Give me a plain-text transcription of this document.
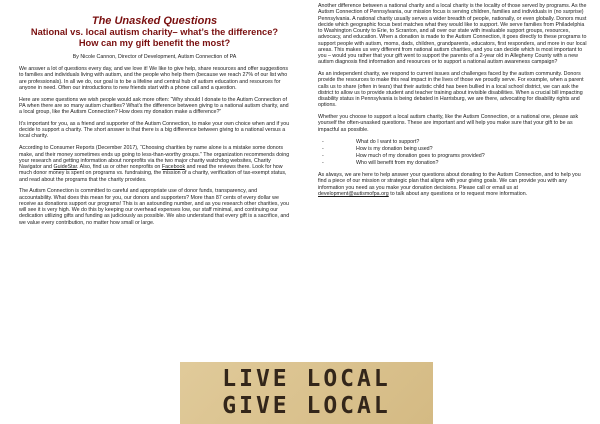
The Unasked Questions
National vs. local autism charity– what’s the difference?
How can my gift benefit the most?
By Nicole Cannon, Director of Development, Autism Connection of PA

We answer a lot of questions every day, and we love it! We like to give help, share resources and offer suggestions to families and individuals living with autism, and the people who help them (because we reach 27% of our list who are professionals). In all we do, our goal is to be a lifeline and central hub of autism education and resources for anyone in need. Often our introductions to new friends start with a phone call and a question.

Here are some questions we wish people would ask more often: “Why should I donate to the Autism Connection of PA when there are so many autism charities? What’s the difference between giving to a national autism charity, and a local group, like the Autism Connection? How does my donation make a difference?”

It’s important for you, as a friend and supporter of the Autism Connection, to make your own choice when and if you decide to support a charity. The short answer is that there is a big difference between giving to a national versus a local charity.

According to Consumer Reports (December 2017), “Choosing charities by name alone is a mistake some donors make, and their money sometimes ends up going to less-than-worthy groups.” The organization recommends doing your research and getting information about nonprofits via the two major charity watchdog websites, Charity Navigator and GuideStar. Also, find us or other nonprofits on Facebook and read the reviews there. Look for how much donor money is spent on programs vs. fundraising, the mission of a charity, verification of tax-exempt status, and read about the programs that the charity provides.

The Autism Connection is committed to careful and appropriate use of donor funds, transparency, and accountability. What does this mean for you, our donors and supporters? More than 87 cents of every dollar we receive as donations support our programs! This is an astounding number, and as you research other charities, you will see it is very high. We do this by keeping our overhead expenses low, our staff minimal, and continuing our dedication utilizing gifts and funding as judiciously as possible. We also understand that every gift is a sacrifice, and we value every contribution, no matter how small or large.

Another difference between a national charity and a local charity is the locality of those served by programs. As the Autism Connection of Pennsylvania, our mission focus is serving children, families and individuals in (no surprise) Pennsylvania. A national charity usually serves a wider breadth of people, nationally, or even globally. Donors must decide which geographic focus best matches what they would like to support. We serve families from Philadelphia to Washington County to Erie, to Scranton, and all over our state with invaluable support groups, resources, advocacy, and education. When a donation is made to the Autism Connection, it goes directly to these programs to support people with autism, moms, dads, children, grandparents, educators, first responders, and more in our local areas. This makes us very different from national autism charities, and you can decide which is most important to you – would you rather that your gift went to support the parents of a 2-year old in Allegheny County with a new autism diagnosis find information and resources or to support a national autism awareness campaign?

As an independent charity, we respond to current issues and challenges faced by the autism community. Donors provide the resources to make this real impact in the lives of those we proudly serve. For example, when a parent calls us to share (often in tears) that their autistic child has been bullied in a local school district, we can ask the district to allow us to provide student and teacher training about invisible disabilities. When a crucial bill impacting disability status in Pennsylvania is being debated in Harrisburg, we are there, advocating for disability rights and options.

Whether you choose to support a local autism charity, like the Autism Connection, or a national one, please ask yourself the often-unasked questions. These are important and will help you make sure that your gift to be as impactful as possible.

-	What do I want to support?
-	How is my donation being used?
-	How much of my donation goes to programs provided?
-	Who will benefit from my donation?

As always, we are here to help answer your questions about donating to the Autism Connection, and to help you find a piece of our mission or strategic plan that aligns with your giving goals. We can provide you with any information you need as you make your donation decisions. Please call or email us at development@autismofpa.org to talk about any questions or to request more information.

LIVE LOCAL
GIVE LOCAL
